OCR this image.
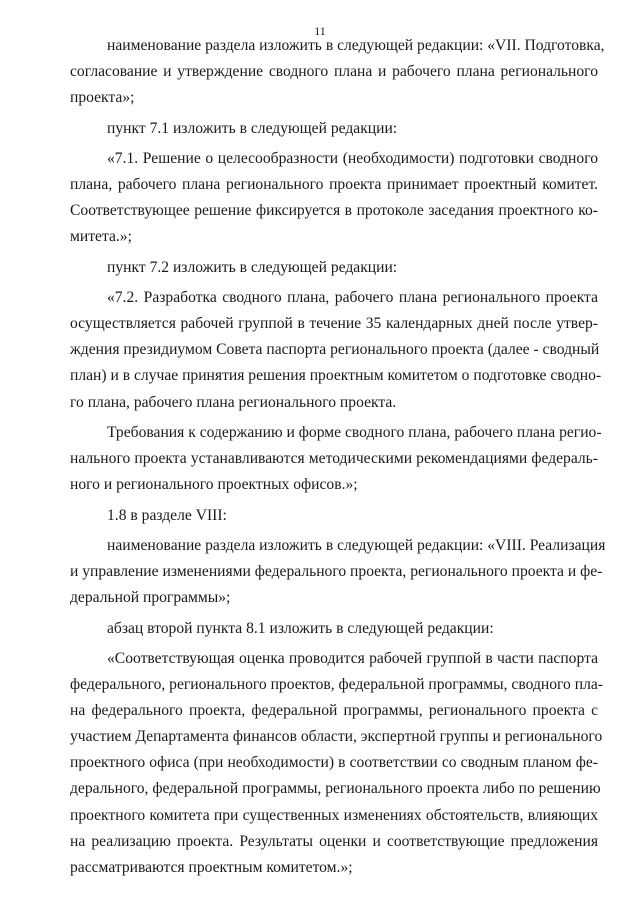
11
наименование раздела изложить в следующей редакции: «VII. Подготовка,
согласование и утверждение сводного плана и рабочего плана регионального
проекта»;
пункт 7.1 изложить в следующей редакции:
«7.1. Решение о целесообразности (необходимости) подготовки сводного
плана, рабочего плана регионального проекта принимает проектный комитет.
Соответствующее решение фиксируется в протоколе заседания проектного ко-
митета.»;
пункт 7.2 изложить в следующей редакции:
«7.2. Разработка сводного плана, рабочего плана регионального проекта
осуществляется рабочей группой в течение 35 календарных дней после утвер-
ждения президиумом Совета паспорта регионального проекта (далее - сводный
план) и в случае принятия решения проектным комитетом о подготовке сводно-
го плана, рабочего плана регионального проекта.
Требования к содержанию и форме сводного плана, рабочего плана регио-
нального проекта устанавливаются методическими рекомендациями федераль-
ного и регионального проектных офисов.»;
1.8 в разделе VIII:
наименование раздела изложить в следующей редакции: «VIII. Реализация
и управление изменениями федерального проекта, регионального проекта и фе-
деральной программы»;
абзац второй пункта 8.1 изложить в следующей редакции:
«Соответствующая оценка проводится рабочей группой в части паспорта
федерального, регионального проектов, федеральной программы, сводного пла-
на федерального проекта, федеральной программы, регионального проекта с
участием Департамента финансов области, экспертной группы и регионального
проектного офиса (при необходимости) в соответствии со сводным планом фе-
дерального, федеральной программы, регионального проекта либо по решению
проектного комитета при существенных изменениях обстоятельств, влияющих
на реализацию проекта. Результаты оценки и соответствующие предложения
рассматриваются проектным комитетом.»;
